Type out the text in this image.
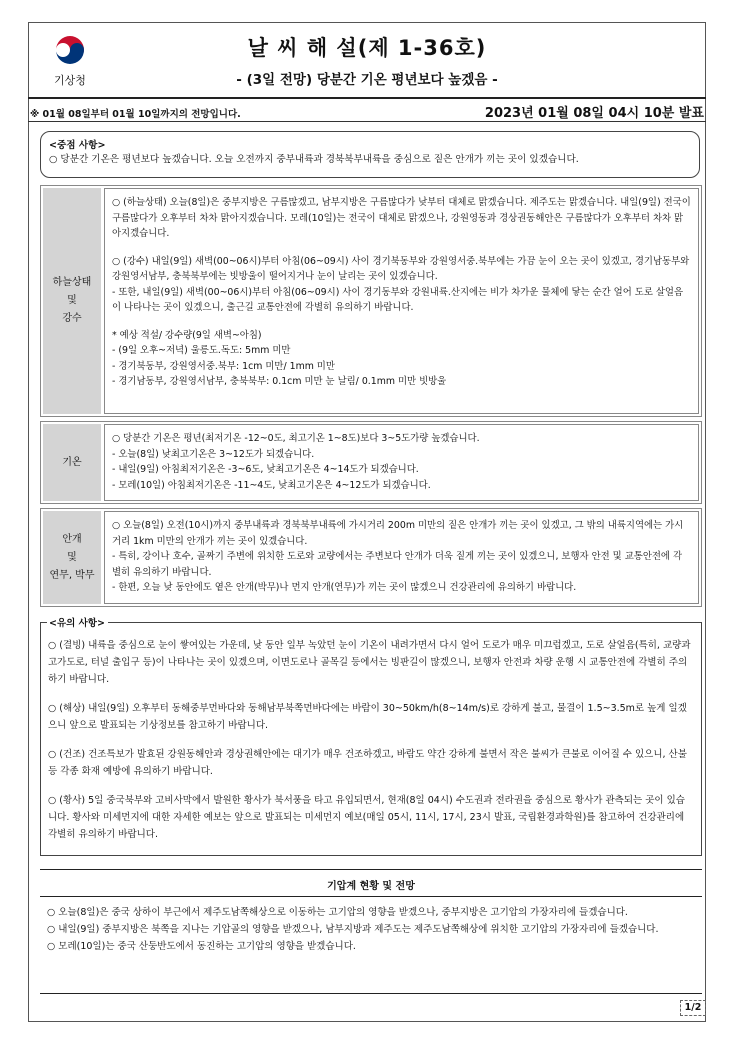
기상청
날 씨 해 설(제 1-36호)
- (3일 전망) 당분간 기온 평년보다 높겠음 -
※ 01월 08일부터 01월 10일까지의 전망입니다.	2023년 01월 08일 04시 10분 발표
<중점 사항>
○ 당분간 기온은 평년보다 높겠습니다. 오늘 오전까지 중부내륙과 경북북부내륙을 중심으로 짙은 안개가 끼는 곳이 있겠습니다.
하늘상태
및
강수

○ (하늘상태) 오늘(8일)은 중부지방은 구름많겠고, 남부지방은 구름많다가 낮부터 대체로 맑겠습니다. 제주도는 맑겠습니다. 내일(9일) 전국이 구름많다가 오후부터 차차 맑아지겠습니다. 모레(10일)는 전국이 대체로 맑겠으나, 강원영동과 경상권동해안은 구름많다가 오후부터 차차 맑아지겠습니다.

○ (강수) 내일(9일) 새벽(00~06시)부터 아침(06~09시) 사이 경기북동부와 강원영서중.북부에는 가끔 눈이 오는 곳이 있겠고, 경기남동부와 강원영서남부, 충북북부에는 빗방울이 떨어지거나 눈이 날리는 곳이 있겠습니다.

- 또한, 내일(9일) 새벽(00~06시)부터 아침(06~09시) 사이 경기동부와 강원내륙.산지에는 비가 차가운 물체에 닿는 순간 얼어 도로 살얼음이 나타나는 곳이 있겠으니, 출근길 교통안전에 각별히 유의하기 바랍니다.

* 예상 적설/ 강수량(9일 새벽~아침)

- (9일 오후~저녁) 울릉도.독도: 5mm 미만

- 경기북동부, 강원영서중.북부: 1cm 미만/ 1mm 미만

- 경기남동부, 강원영서남부, 충북북부: 0.1cm 미만 눈 날림/ 0.1mm 미만 빗방울

기온

○ 당분간 기온은 평년(최저기온 -12~0도, 최고기온 1~8도)보다 3~5도가량 높겠습니다.

- 오늘(8일) 낮최고기온은 3~12도가 되겠습니다.

- 내일(9일) 아침최저기온은 -3~6도, 낮최고기온은 4~14도가 되겠습니다.

- 모레(10일) 아침최저기온은 -11~4도, 낮최고기온은 4~12도가 되겠습니다.

안개
및
연무, 박무

○ 오늘(8일) 오전(10시)까지 중부내륙과 경북북부내륙에 가시거리 200m 미만의 짙은 안개가 끼는 곳이 있겠고, 그 밖의 내륙지역에는 가시거리 1km 미만의 안개가 끼는 곳이 있겠습니다.

- 특히, 강이나 호수, 골짜기 주변에 위치한 도로와 교량에서는 주변보다 안개가 더욱 짙게 끼는 곳이 있겠으니, 보행자 안전 및 교통안전에 각별히 유의하기 바랍니다.

- 한편, 오늘 낮 동안에도 옅은 안개(박무)나 먼지 안개(연무)가 끼는 곳이 많겠으니 건강관리에 유의하기 바랍니다.

<유의 사항>

○ (결빙) 내륙을 중심으로 눈이 쌓여있는 가운데, 낮 동안 일부 녹았던 눈이 기온이 내려가면서 다시 얼어 도로가 매우 미끄럽겠고, 도로 살얼음(특히, 교량과 고가도로, 터널 출입구 등)이 나타나는 곳이 있겠으며, 이면도로나 골목길 등에서는 빙판길이 많겠으니, 보행자 안전과 차량 운행 시 교통안전에 각별히 주의하기 바랍니다.

○ (해상) 내일(9일) 오후부터 동해중부먼바다와 동해남부북쪽먼바다에는 바람이 30~50km/h(8~14m/s)로 강하게 불고, 물결이 1.5~3.5m로 높게 일겠으니 앞으로 발표되는 기상정보를 참고하기 바랍니다.

○ (건조) 건조특보가 발효된 강원동해안과 경상권해안에는 대기가 매우 건조하겠고, 바람도 약간 강하게 불면서 작은 불씨가 큰불로 이어질 수 있으니, 산불 등 각종 화재 예방에 유의하기 바랍니다.

○ (황사) 5일 중국북부와 고비사막에서 발원한 황사가 북서풍을 타고 유입되면서, 현재(8일 04시) 수도권과 전라권을 중심으로 황사가 관측되는 곳이 있습니다. 황사와 미세먼지에 대한 자세한 예보는 앞으로 발표되는 미세먼지 예보(매일 05시, 11시, 17시, 23시 발표, 국립환경과학원)를 참고하여 건강관리에 각별히 유의하기 바랍니다.

기압계 현황 및 전망

○ 오늘(8일)은 중국 상하이 부근에서 제주도남쪽해상으로 이동하는 고기압의 영향을 받겠으나, 중부지방은 고기압의 가장자리에 들겠습니다.

○ 내일(9일) 중부지방은 북쪽을 지나는 기압골의 영향을 받겠으나, 남부지방과 제주도는 제주도남쪽해상에 위치한 고기압의 가장자리에 들겠습니다.

○ 모레(10일)는 중국 산둥반도에서 동진하는 고기압의 영향을 받겠습니다.

1/2
